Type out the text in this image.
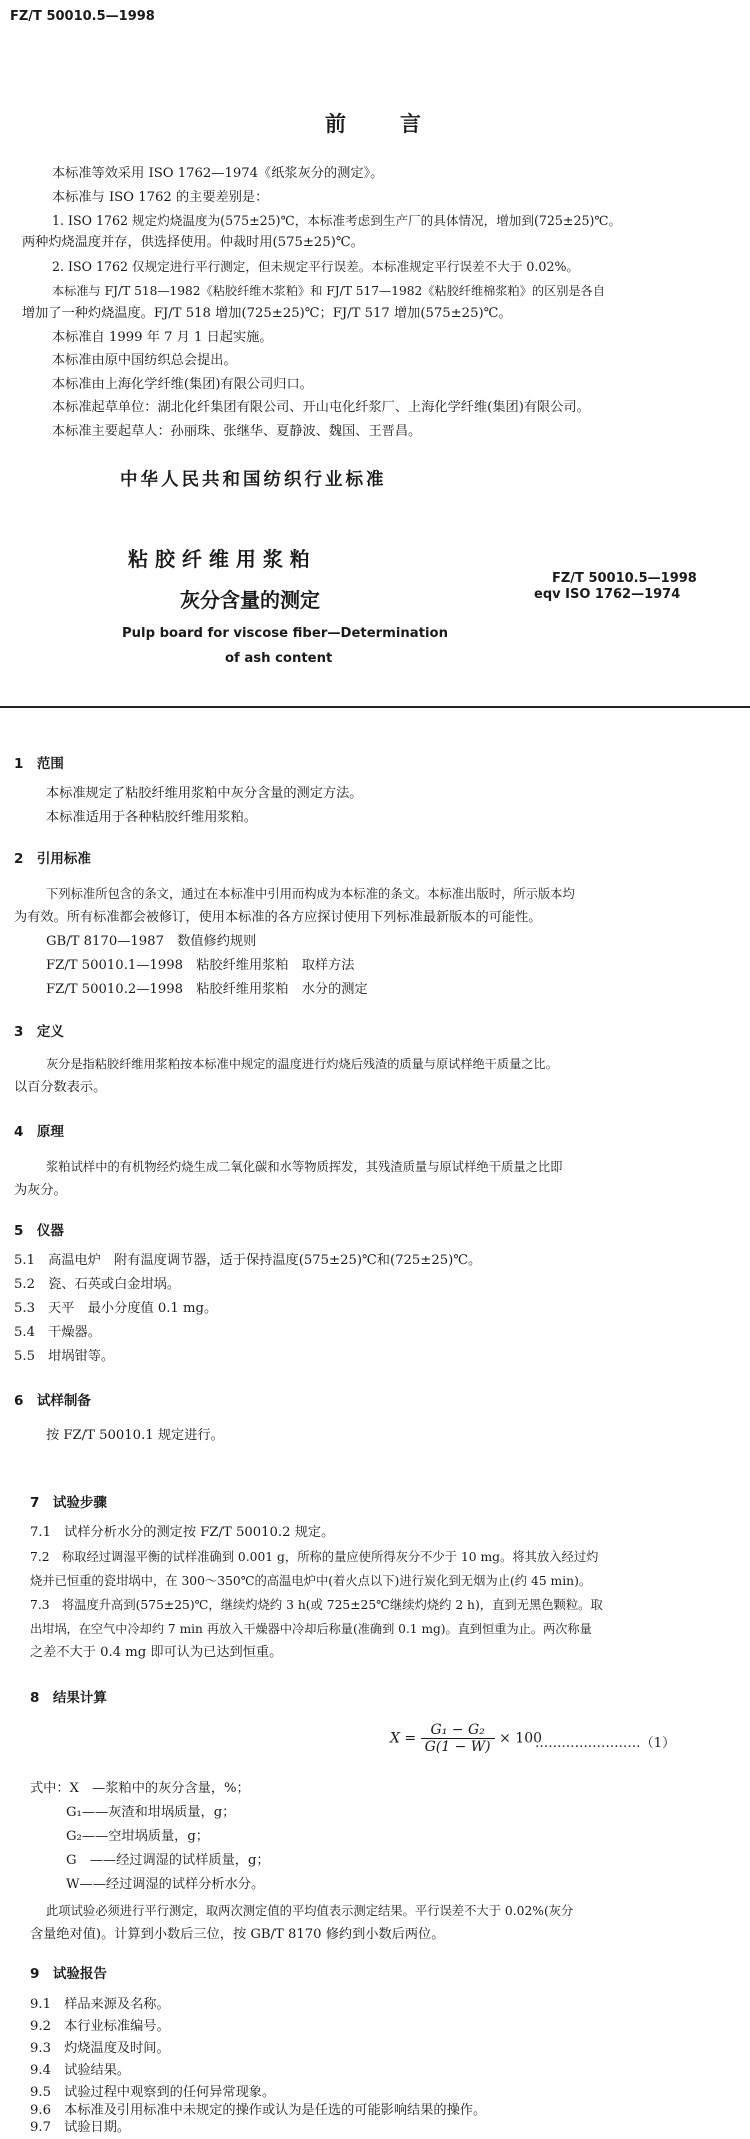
FZ/T 50010.5—1998
前　　言
本标准等效采用 ISO 1762—1974《纸浆灰分的测定》。
本标准与 ISO 1762 的主要差别是：
1. ISO 1762 规定灼烧温度为(575±25)℃，本标准考虑到生产厂的具体情况，增加到(725±25)℃。
两种灼烧温度并存，供选择使用。仲裁时用(575±25)℃。
2. ISO 1762 仅规定进行平行测定，但未规定平行误差。本标准规定平行误差不大于 0.02%。
本标准与 FJ/T 518—1982《粘胶纤维木浆粕》和 FJ/T 517—1982《粘胶纤维棉浆粕》的区别是各自
增加了一种灼烧温度。FJ/T 518 增加(725±25)℃；FJ/T 517 增加(575±25)℃。
本标准自 1999 年 7 月 1 日起实施。
本标准由原中国纺织总会提出。
本标准由上海化学纤维(集团)有限公司归口。
本标准起草单位：湖北化纤集团有限公司、开山屯化纤浆厂、上海化学纤维(集团)有限公司。
本标准主要起草人：孙丽珠、张继华、夏静波、魏国、王晋昌。
中华人民共和国纺织行业标准
粘 胶 纤 维 用 浆 粕
灰分含量的测定
FZ/T 50010.5—1998
eqv ISO 1762—1974
Pulp board for viscose fiber—Determination
of ash content
1　范围
本标准规定了粘胶纤维用浆粕中灰分含量的测定方法。
本标准适用于各种粘胶纤维用浆粕。
2　引用标准
下列标准所包含的条文，通过在本标准中引用而构成为本标准的条文。本标准出版时，所示版本均
为有效。所有标准都会被修订，使用本标准的各方应探讨使用下列标准最新版本的可能性。
GB/T 8170—1987　数值修约规则
FZ/T 50010.1—1998　粘胶纤维用浆粕　取样方法
FZ/T 50010.2—1998　粘胶纤维用浆粕　水分的测定
3　定义
灰分是指粘胶纤维用浆粕按本标准中规定的温度进行灼烧后残渣的质量与原试样绝干质量之比。
以百分数表示。
4　原理
浆粕试样中的有机物经灼烧生成二氧化碳和水等物质挥发，其残渣质量与原试样绝干质量之比即
为灰分。
5　仪器
5.1　高温电炉　附有温度调节器，适于保持温度(575±25)℃和(725±25)℃。
5.2　瓷、石英或白金坩埚。
5.3　天平　最小分度值 0.1 mg。
5.4　干燥器。
5.5　坩埚钳等。
6　试样制备
按 FZ/T 50010.1 规定进行。
7　试验步骤
7.1　试样分析水分的测定按 FZ/T 50010.2 规定。
7.2　称取经过调湿平衡的试样准确到 0.001 g，所称的量应使所得灰分不少于 10 mg。将其放入经过灼
烧并已恒重的瓷坩埚中，在 300～350℃的高温电炉中(着火点以下)进行炭化到无烟为止(约 45 min)。
7.3　将温度升高到(575±25)℃，继续灼烧约 3 h(或 725±25℃继续灼烧约 2 h)，直到无黑色颗粒。取
出坩埚，在空气中冷却约 7 min 再放入干燥器中冷却后称量(准确到 0.1 mg)。直到恒重为止。两次称量
之差不大于 0.4 mg 即可认为已达到恒重。
8　结果计算
$X = \frac{\text{G₁ − G₂}}{G(1 - W)} \times 100$
……………………（1）
式中：X　—浆粕中的灰分含量，%；
G₁——灰渣和坩埚质量，g；
G₂——空坩埚质量，g；
G　——经过调湿的试样质量，g；
W——经过调湿的试样分析水分。
此项试验必须进行平行测定，取两次测定值的平均值表示测定结果。平行误差不大于 0.02%(灰分
含量绝对值)。计算到小数后三位，按 GB/T 8170 修约到小数后两位。
9　试验报告
9.1　样品来源及名称。
9.2　本行业标准编号。
9.3　灼烧温度及时间。
9.4　试验结果。
9.5　试验过程中观察到的任何异常现象。
9.6　本标准及引用标准中未规定的操作或认为是任选的可能影响结果的操作。
9.7　试验日期。
